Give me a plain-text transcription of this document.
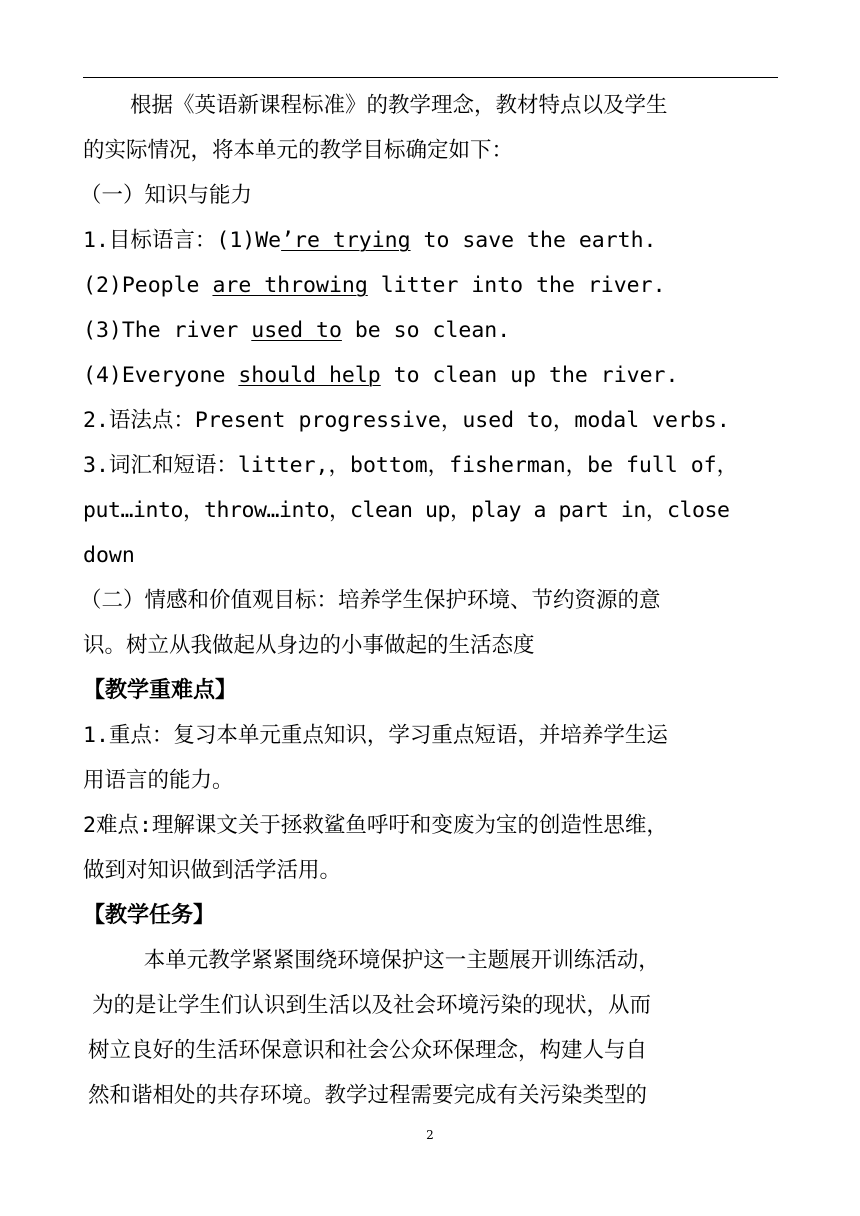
根据《英语新课程标准》的教学理念，教材特点以及学生
的实际情况，将本单元的教学目标确定如下：
（一）知识与能力
1.目标语言：(1)We’re trying to save the earth.
(2)People are throwing litter into the river.
(3)The river used to be so clean.
(4)Everyone should help to clean up the river.
2.语法点：Present progressive，used to，modal verbs.
3.词汇和短语：litter,，bottom，fisherman，be full of，
put…into，throw…into，clean up，play a part in，close
down
（二）情感和价值观目标：培养学生保护环境、节约资源的意
识。树立从我做起从身边的小事做起的生活态度
【教学重难点】
1.重点：复习本单元重点知识，学习重点短语，并培养学生运
用语言的能力。
2难点:理解课文关于拯救鲨鱼呼吁和变废为宝的创造性思维，
做到对知识做到活学活用。
【教学任务】
本单元教学紧紧围绕环境保护这一主题展开训练活动，
为的是让学生们认识到生活以及社会环境污染的现状，从而
树立良好的生活环保意识和社会公众环保理念，构建人与自
然和谐相处的共存环境。教学过程需要完成有关污染类型的
2
